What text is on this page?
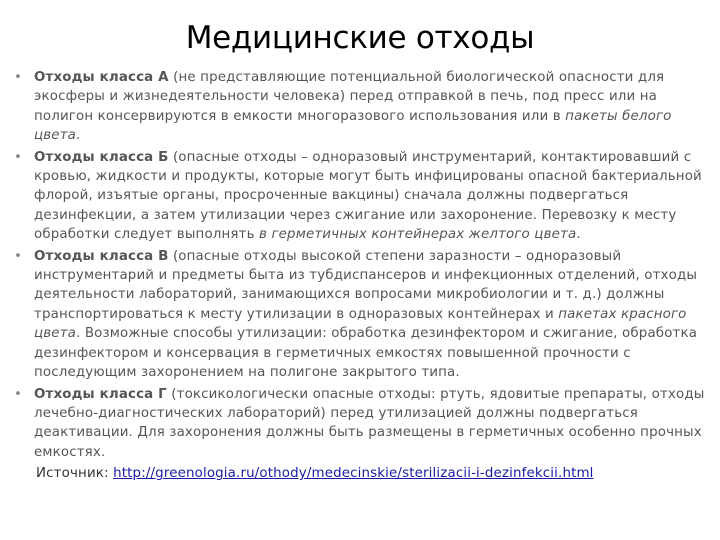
Медицинские отходы
• Отходы класса А (не представляющие потенциальной биологической опасности для экосферы и жизнедеятельности человека) перед отправкой в печь, под пресс или на полигон консервируются в емкости многоразового использования или в пакеты белого цвета.
• Отходы класса Б (опасные отходы – одноразовый инструментарий, контактировавший с кровью, жидкости и продукты, которые могут быть инфицированы опасной бактериальной флорой, изъятые органы, просроченные вакцины) сначала должны подвергаться дезинфекции, а затем утилизации через сжигание или захоронение. Перевозку к месту обработки следует выполнять в герметичных контейнерах желтого цвета.
• Отходы класса В (опасные отходы высокой степени заразности – одноразовый инструментарий и предметы быта из тубдиспансеров и инфекционных отделений, отходы деятельности лабораторий, занимающихся вопросами микробиологии и т. д.) должны транспортироваться к месту утилизации в одноразовых контейнерах и пакетах красного цвета. Возможные способы утилизации: обработка дезинфектором и сжигание, обработка дезинфектором и консервация в герметичных емкостях повышенной прочности с последующим захоронением на полигоне закрытого типа.
• Отходы класса Г (токсикологически опасные отходы: ртуть, ядовитые препараты, отходы лечебно-диагностических лабораторий) перед утилизацией должны подвергаться деактивации. Для захоронения должны быть размещены в герметичных особенно прочных емкостях.
Источник: http://greenologia.ru/othody/medecinskie/sterilizacii-i-dezinfekcii.html
